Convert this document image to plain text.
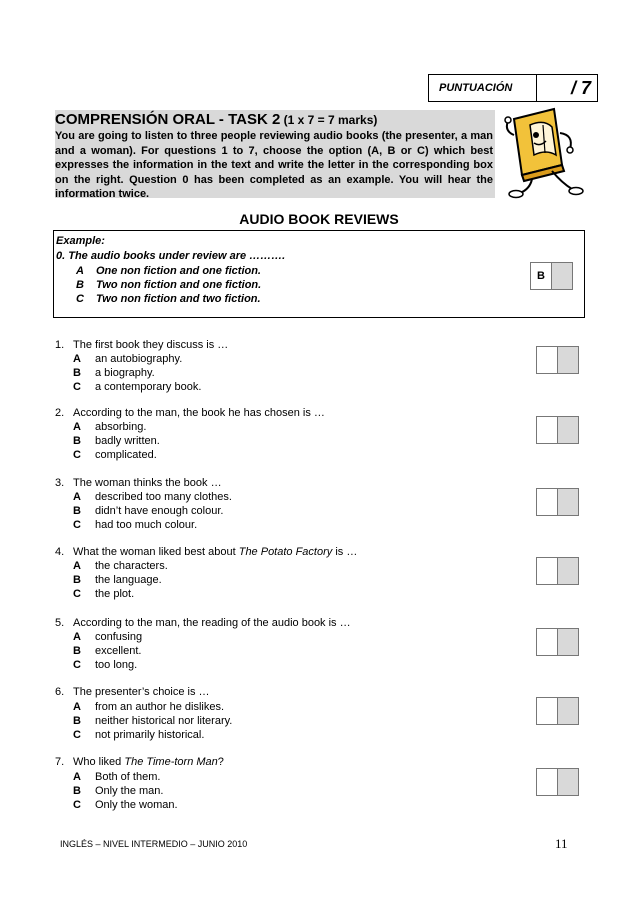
PUNTUACIÓN	/ 7
COMPRENSIÓN ORAL - TASK 2 (1 x 7 = 7 marks)
You are going to listen to three people reviewing audio books (the presenter, a man and a woman). For questions 1 to 7, choose the option (A, B or C) which best expresses the information in the text and write the letter in the corresponding box on the right. Question 0 has been completed as an example. You will hear the information twice.
AUDIO BOOK REVIEWS
Example:
0. The audio books under review are ……….
A One non fiction and one fiction.
B Two non fiction and one fiction.
C Two non fiction and two fiction.
B
1. The first book they discuss is …
A an autobiography.
B a biography.
C a contemporary book.
2. According to the man, the book he has chosen is …
A absorbing.
B badly written.
C complicated.
3. The woman thinks the book …
A described too many clothes.
B didn’t have enough colour.
C had too much colour.
4. What the woman liked best about The Potato Factory is …
A the characters.
B the language.
C the plot.
5. According to the man, the reading of the audio book is …
A confusing
B excellent.
C too long.
6. The presenter’s choice is …
A from an author he dislikes.
B neither historical nor literary.
C not primarily historical.
7. Who liked The Time-torn Man?
A Both of them.
B Only the man.
C Only the woman.
INGLÉS – NIVEL INTERMEDIO – JUNIO 2010	11
